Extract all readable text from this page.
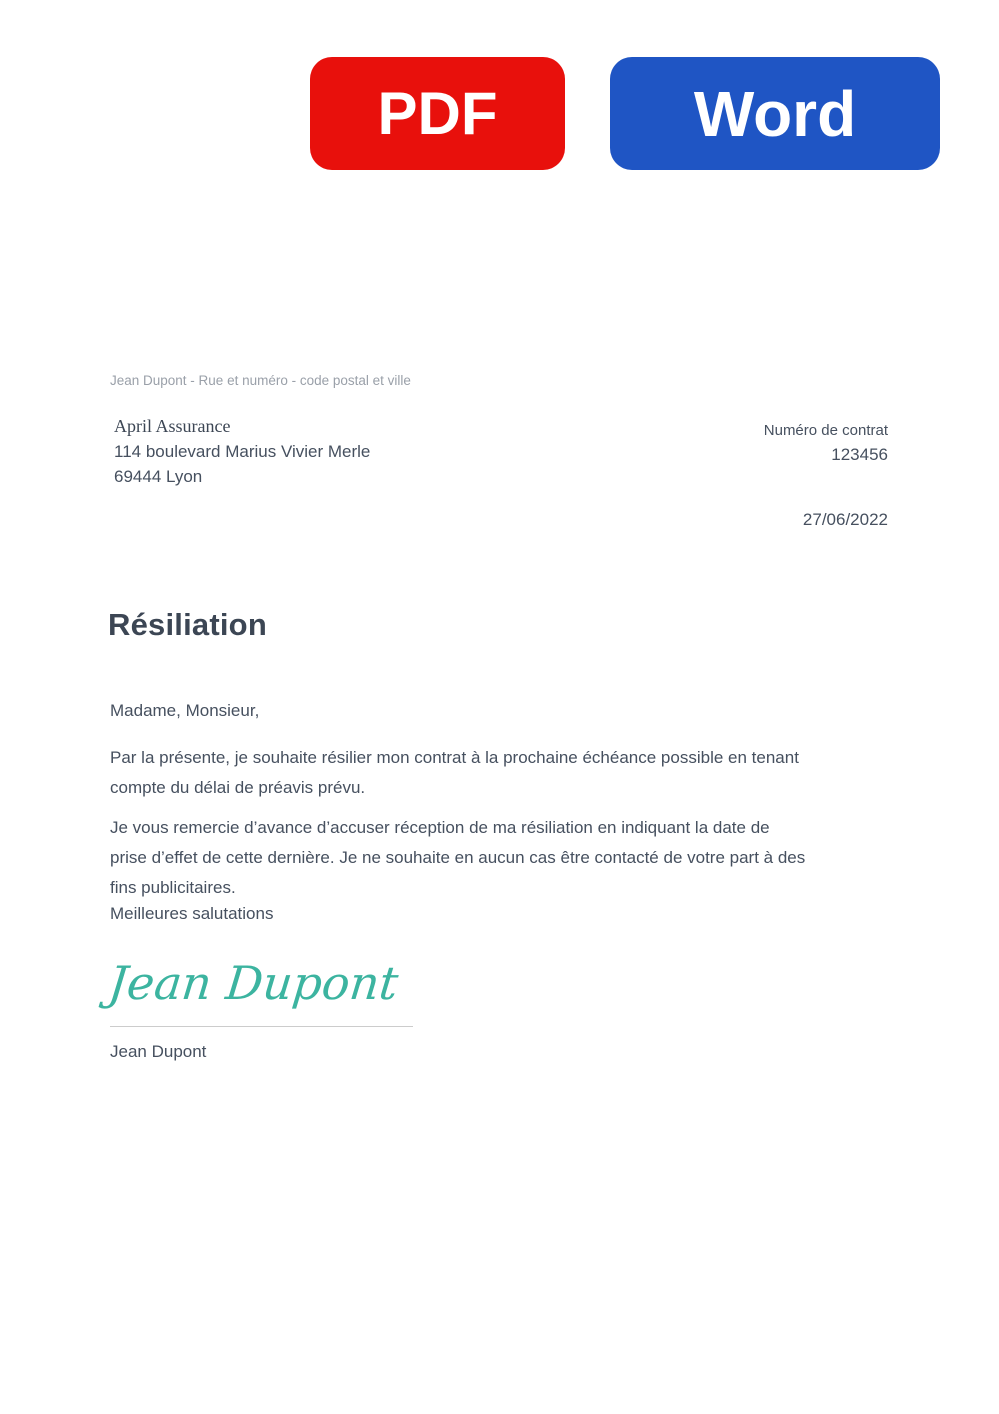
PDF	Word
Jean Dupont - Rue et numéro - code postal et ville
April Assurance
114 boulevard Marius Vivier Merle
69444 Lyon
Numéro de contrat
123456
27/06/2022
Résiliation
Madame, Monsieur,
Par la présente, je souhaite résilier mon contrat à la prochaine échéance possible en tenant
compte du délai de préavis prévu.
Je vous remercie d’avance d’accuser réception de ma résiliation en indiquant la date de
prise d’effet de cette dernière. Je ne souhaite en aucun cas être contacté de votre part à des
fins publicitaires.
Meilleures salutations
Jean Dupont
Jean Dupont
